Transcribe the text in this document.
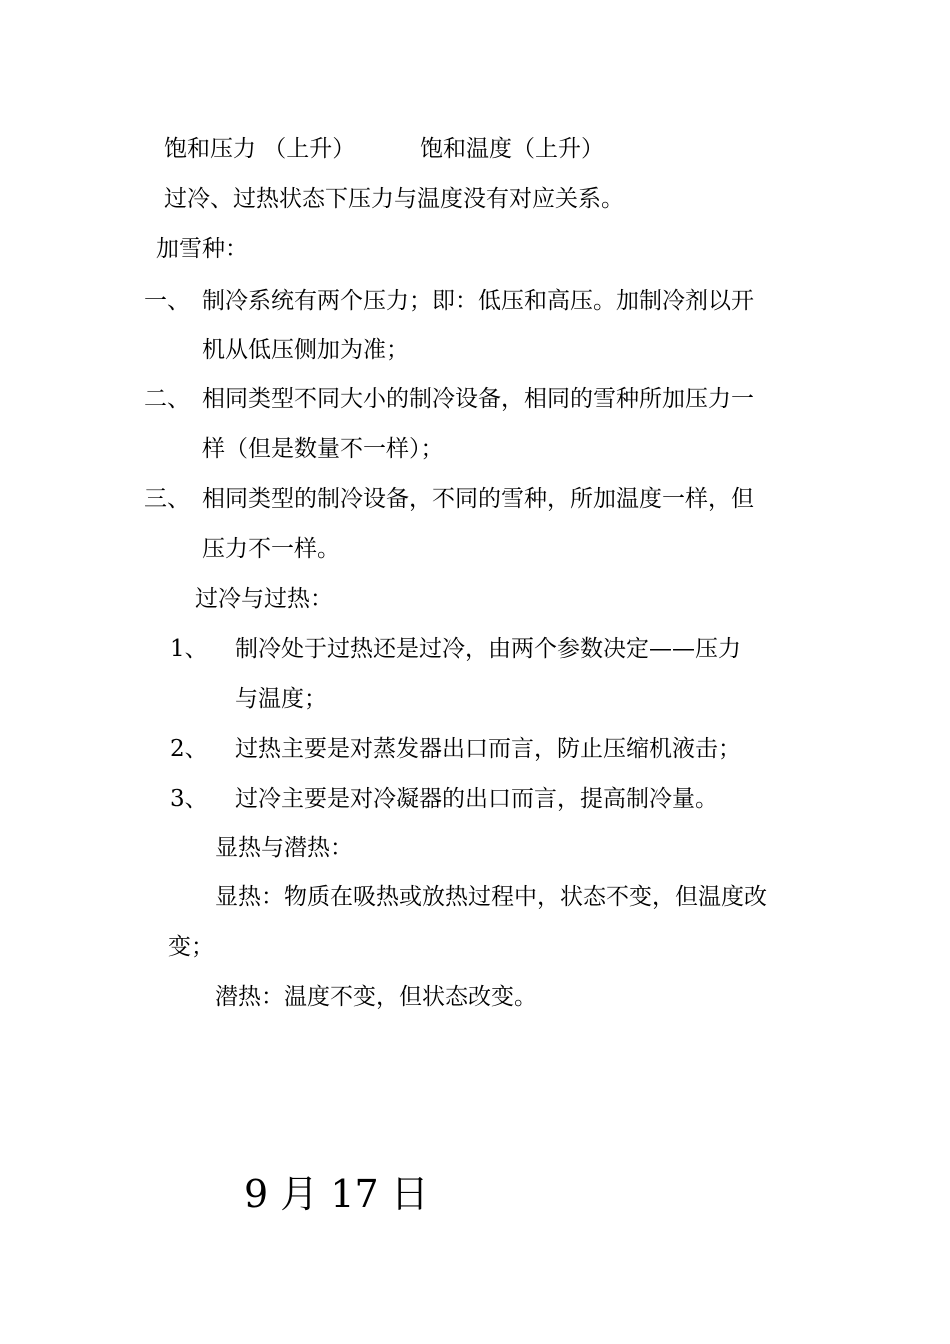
饱和压力 （上升）	饱和温度（上升）
过冷、过热状态下压力与温度没有对应关系。
加雪种：
一、 制冷系统有两个压力；即：低压和高压。加制冷剂以开
机从低压侧加为准；
二、 相同类型不同大小的制冷设备，相同的雪种所加压力一
样（但是数量不一样）；
三、 相同类型的制冷设备，不同的雪种，所加温度一样，但
压力不一样。
过冷与过热：
1、 制冷处于过热还是过冷，由两个参数决定——压力
与温度；
2、 过热主要是对蒸发器出口而言，防止压缩机液击；
3、 过冷主要是对冷凝器的出口而言，提高制冷量。
显热与潜热：
显热：物质在吸热或放热过程中，状态不变，但温度改
变；
潜热：温度不变，但状态改变。
9 月 17 日
